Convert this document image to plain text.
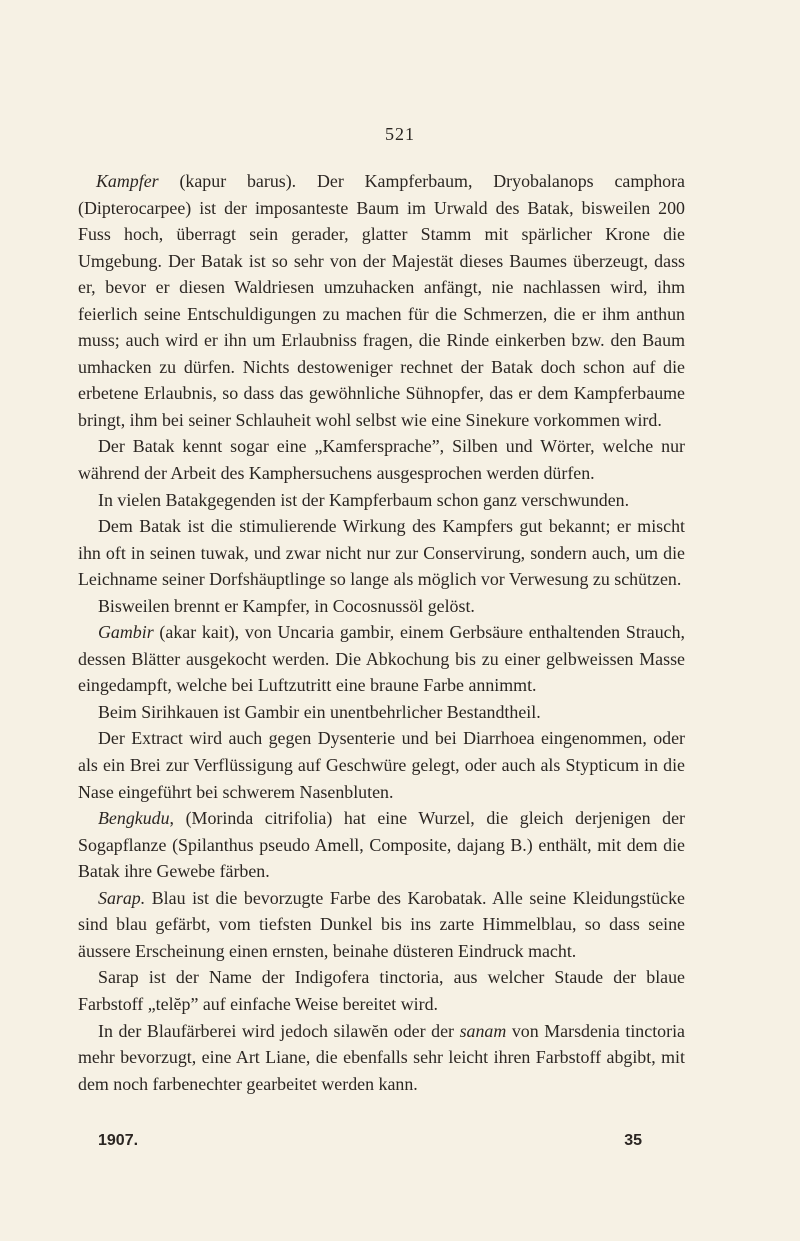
521

Kampfer (kapur barus). Der Kampferbaum, Dryobalanops camphora (Dipterocarpee) ist der imposanteste Baum im Urwald des Batak, bisweilen 200 Fuss hoch, überragt sein gerader, glatter Stamm mit spärlicher Krone die Umgebung. Der Batak ist so sehr von der Majestät dieses Baumes überzeugt, dass er, bevor er diesen Waldriesen umzuhacken anfängt, nie nachlassen wird, ihm feierlich seine Entschuldigungen zu machen für die Schmerzen, die er ihm anthun muss; auch wird er ihn um Erlaubniss fragen, die Rinde einkerben bzw. den Baum umhacken zu dürfen. Nichts destoweniger rechnet der Batak doch schon auf die erbetene Erlaubnis, so dass das gewöhnliche Sühnopfer, das er dem Kampferbaume bringt, ihm bei seiner Schlauheit wohl selbst wie eine Sinekure vorkommen wird.

Der Batak kennt sogar eine „Kamfersprache”, Silben und Wörter, welche nur während der Arbeit des Kamphersuchens ausgesprochen werden dürfen.

In vielen Batakgegenden ist der Kampferbaum schon ganz verschwunden.

Dem Batak ist die stimulierende Wirkung des Kampfers gut bekannt; er mischt ihn oft in seinen tuwak, und zwar nicht nur zur Conservirung, sondern auch, um die Leichname seiner Dorfshäuptlinge so lange als möglich vor Verwesung zu schützen.

Bisweilen brennt er Kampfer, in Cocosnussöl gelöst.

Gambir (akar kait), von Uncaria gambir, einem Gerbsäure enthaltenden Strauch, dessen Blätter ausgekocht werden. Die Abkochung bis zu einer gelbweissen Masse eingedampft, welche bei Luftzutritt eine braune Farbe annimmt.

Beim Sirihkauen ist Gambir ein unentbehrlicher Bestandtheil.

Der Extract wird auch gegen Dysenterie und bei Diarrhoea eingenommen, oder als ein Brei zur Verflüssigung auf Geschwüre gelegt, oder auch als Stypticum in die Nase eingeführt bei schwerem Nasenbluten.

Bengkudu, (Morinda citrifolia) hat eine Wurzel, die gleich derjenigen der Sogapflanze (Spilanthus pseudo Amell, Composite, dajang B.) enthält, mit dem die Batak ihre Gewebe färben.

Sarap. Blau ist die bevorzugte Farbe des Karobatak. Alle seine Kleidungstücke sind blau gefärbt, vom tiefsten Dunkel bis ins zarte Himmelblau, so dass seine äussere Erscheinung einen ernsten, beinahe düsteren Eindruck macht.

Sarap ist der Name der Indigofera tinctoria, aus welcher Staude der blaue Farbstoff „telĕp” auf einfache Weise bereitet wird.

In der Blaufärberei wird jedoch silawĕn oder der sanam von Marsdenia tinctoria mehr bevorzugt, eine Art Liane, die ebenfalls sehr leicht ihren Farbstoff abgibt, mit dem noch farbenechter gearbeitet werden kann.

1907.	35
